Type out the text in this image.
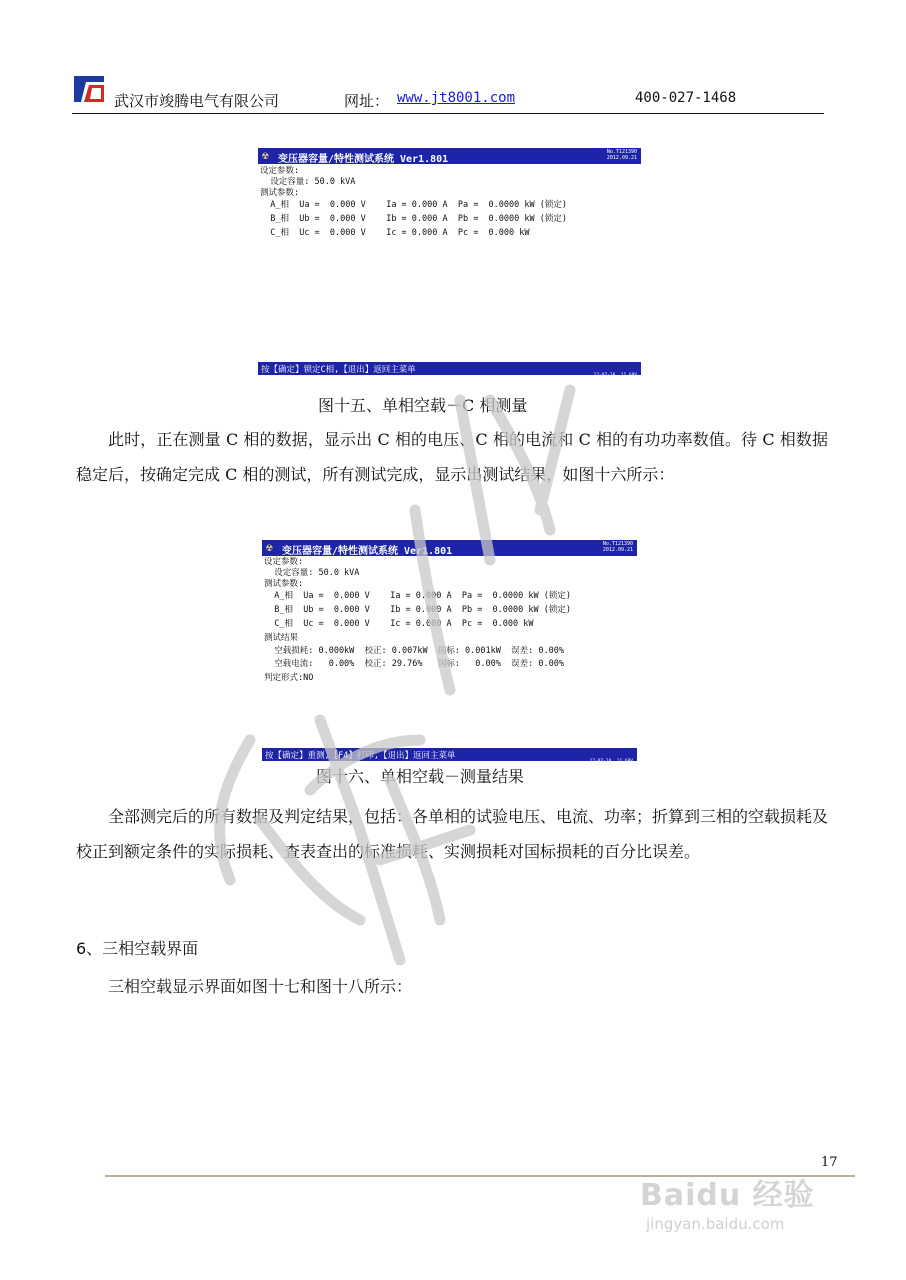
武汉市竣腾电气有限公司	网址： www.jt8001.com	400-027-1468
☢ 变压器容量/特性测试系统 Ver1.801
No.T121390
2012.09.21
设定参数:
设定容量: 50.0 kVA
测试参数:
A_相  Ua =  0.000 V    Ia = 0.000 A  Pa =  0.0000 kW (锁定)
B_相  Ub =  0.000 V    Ib = 0.000 A  Pb =  0.0000 kW (锁定)
C_相  Uc =  0.000 V    Ic = 0.000 A  Pc =  0.000 kW
按【确定】锁定C相,【退出】返回主菜单

12-07-10  11.69V
15:18:26  04.42%

图十五、单相空载－C 相测量
此时，正在测量 C 相的数据，显示出 C 相的电压、C 相的电流和 C 相的有功功率数值。待 C 相数据稳定后，按确定完成 C 相的测试，所有测试完成，显示出测试结果，如图十六所示：
☢ 变压器容量/特性测试系统 Ver1.801
No.T121390
2012.09.21
设定参数:
设定容量: 50.0 kVA
测试参数:
A_相  Ua =  0.000 V    Ia = 0.000 A  Pa =  0.0000 kW (锁定)
B_相  Ub =  0.000 V    Ib = 0.000 A  Pb =  0.0000 kW (锁定)
C_相  Uc =  0.000 V    Ic = 0.000 A  Pc =  0.000 kW
测试结果
空载损耗: 0.000kW  校正: 0.007kW  国标: 0.001kW  误差: 0.00%
空载电流:   0.00%  校正: 29.76%   国标:   0.00%  误差: 0.00%
判定形式:NO
按【确定】重测,【F4】打印,【退出】返回主菜单

12-07-10  11.69V
15:18:26  04.42%

图十六、单相空载－测量结果
全部测完后的所有数据及判定结果，包括：各单相的试验电压、电流、功率；折算到三相的空载损耗及校正到额定条件的实际损耗、查表查出的标准损耗、实测损耗对国标损耗的百分比误差。
6、三相空载界面
三相空载显示界面如图十七和图十八所示：
17
Baidu 经验
jingyan.baidu.com
